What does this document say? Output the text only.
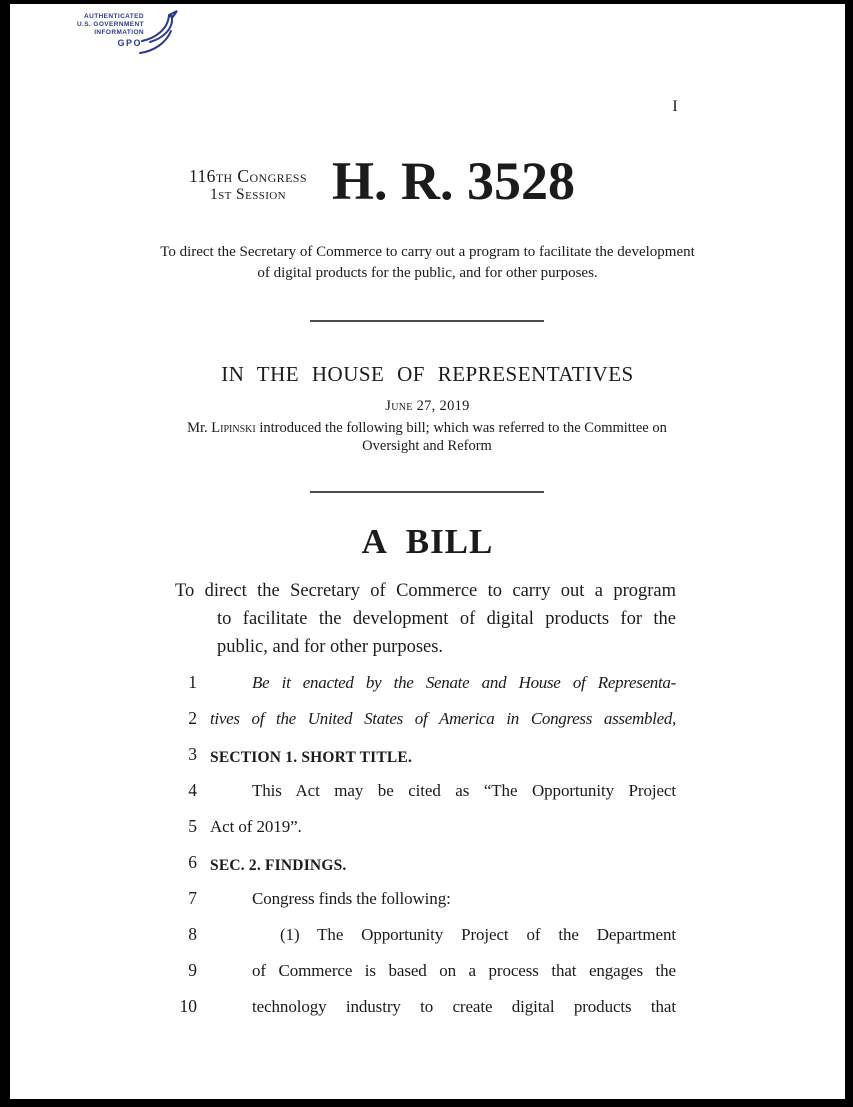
AUTHENTICATED
U.S. GOVERNMENT
INFORMATION
GPO
I
116th Congress
1st Session H. R. 3528
To direct the Secretary of Commerce to carry out a program to facilitate the development of digital products for the public, and for other purposes.
IN THE HOUSE OF REPRESENTATIVES
June 27, 2019
Mr. Lipinski introduced the following bill; which was referred to the Committee on Oversight and Reform
A BILL
To direct the Secretary of Commerce to carry out a program
to facilitate the development of digital products for the
public, and for other purposes.
1	Be it enacted by the Senate and House of Representa-
2 tives of the United States of America in Congress assembled,
3 SECTION 1. SHORT TITLE.
4	This Act may be cited as “The Opportunity Project
5 Act of 2019”.
6 SEC. 2. FINDINGS.
7	Congress finds the following:
8	(1) The Opportunity Project of the Department
9	of Commerce is based on a process that engages the
10	technology industry to create digital products that
